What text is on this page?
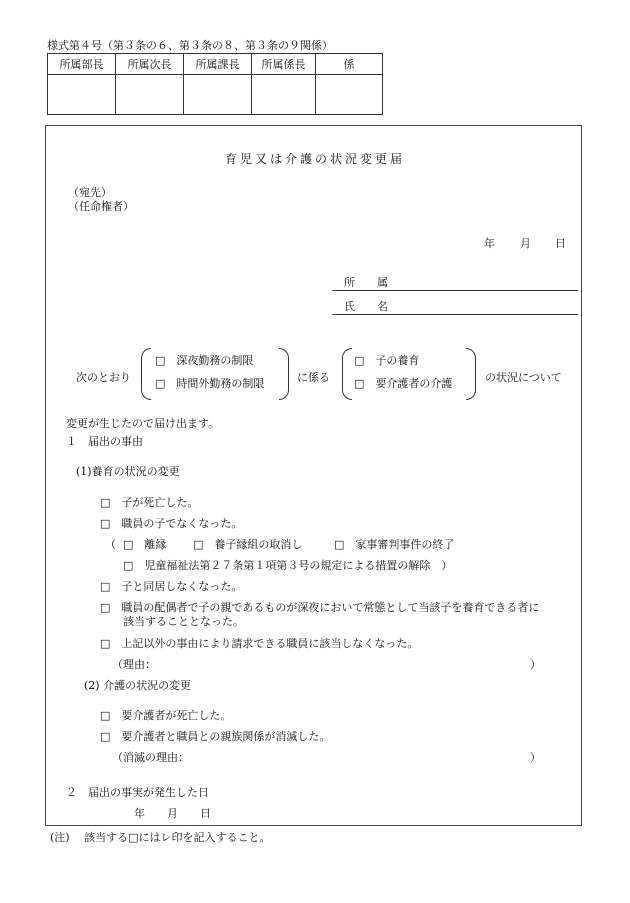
様式第４号（第３条の６、第３条の８、第３条の９関係）
所属部長	所属次長	所属課長	所属係長	係

育児又は介護の状況変更届
（宛先）
（任命権者）
年 月 日
所　　属
氏　　名
次のとおり
□　 深夜勤務の制限
□　 時間外勤務の制限	に係る
□　 子の養育
□　 要介護者の介護	の状況について
変更が生じたので届け出ます。
１　届出の事由
(1)養育の状況の変更
□　 子が死亡した。
□　 職員の子でなくなった。
（ □　 離縁 □　 養子縁組の取消し	□　 家事審判事件の終了
□　 児童福祉法第２７条第１項第３号の規定による措置の解除　）
□　 子と同居しなくなった。
□　 職員の配偶者で子の親であるものが深夜において常態として当該子を養育できる者に
該当することとなった。
□　 上記以外の事由により請求できる職員に該当しなくなった。
（理由：	）
(2) 介護の状況の変更
□　 要介護者が死亡した。
□　 要介護者と職員との親族関係が消滅した。
（消滅の理由：	）
２　届出の事実が発生した日
年　　月　　日
(注)　 該当する□にはレ印を記入すること。
